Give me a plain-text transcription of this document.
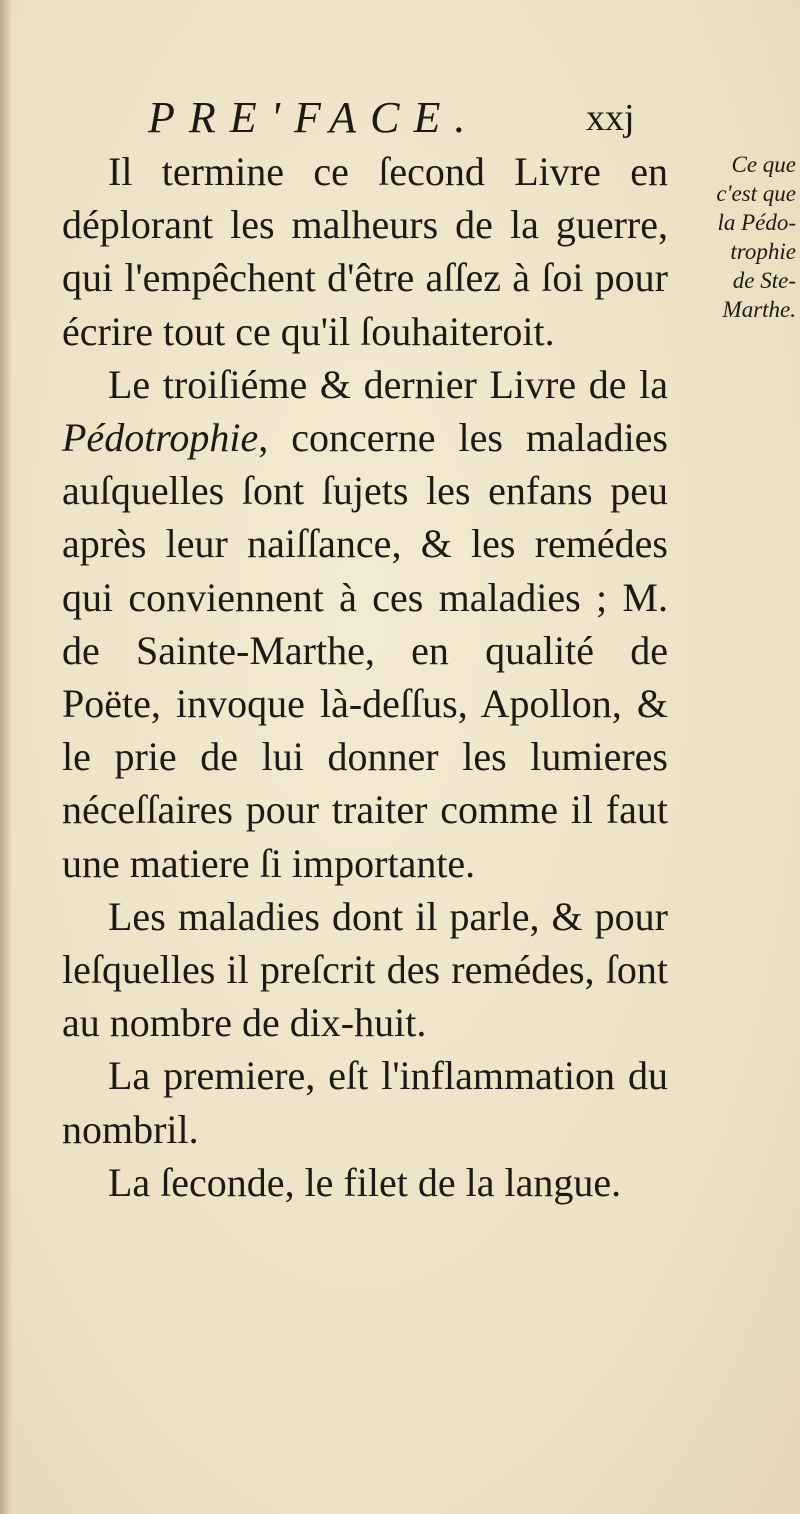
PRE'FACE.	xxj
Ce que
c'est que
la Pédo-
trophie
de Ste-
Marthe.

Il termine ce ſecond Livre en déplorant les malheurs de la guerre, qui l'empêchent d'être aſſez à ſoi pour écrire tout ce qu'il ſouhaiteroit.

Le troiſiéme & dernier Livre de la Pédotrophie, concerne les maladies auſquelles ſont ſujets les enfans peu après leur naiſſance, & les remédes qui conviennent à ces maladies ; M. de Sainte-Marthe, en qualité de Poëte, invoque là-deſſus, Apollon, & le prie de lui donner les lumieres néceſſaires pour traiter comme il faut une matiere ſi importante.

Les maladies dont il parle, & pour leſquelles il preſcrit des remédes, ſont au nombre de dix-huit.

La premiere, eſt l'inflammation du nombril.

La ſeconde, le filet de la langue.
